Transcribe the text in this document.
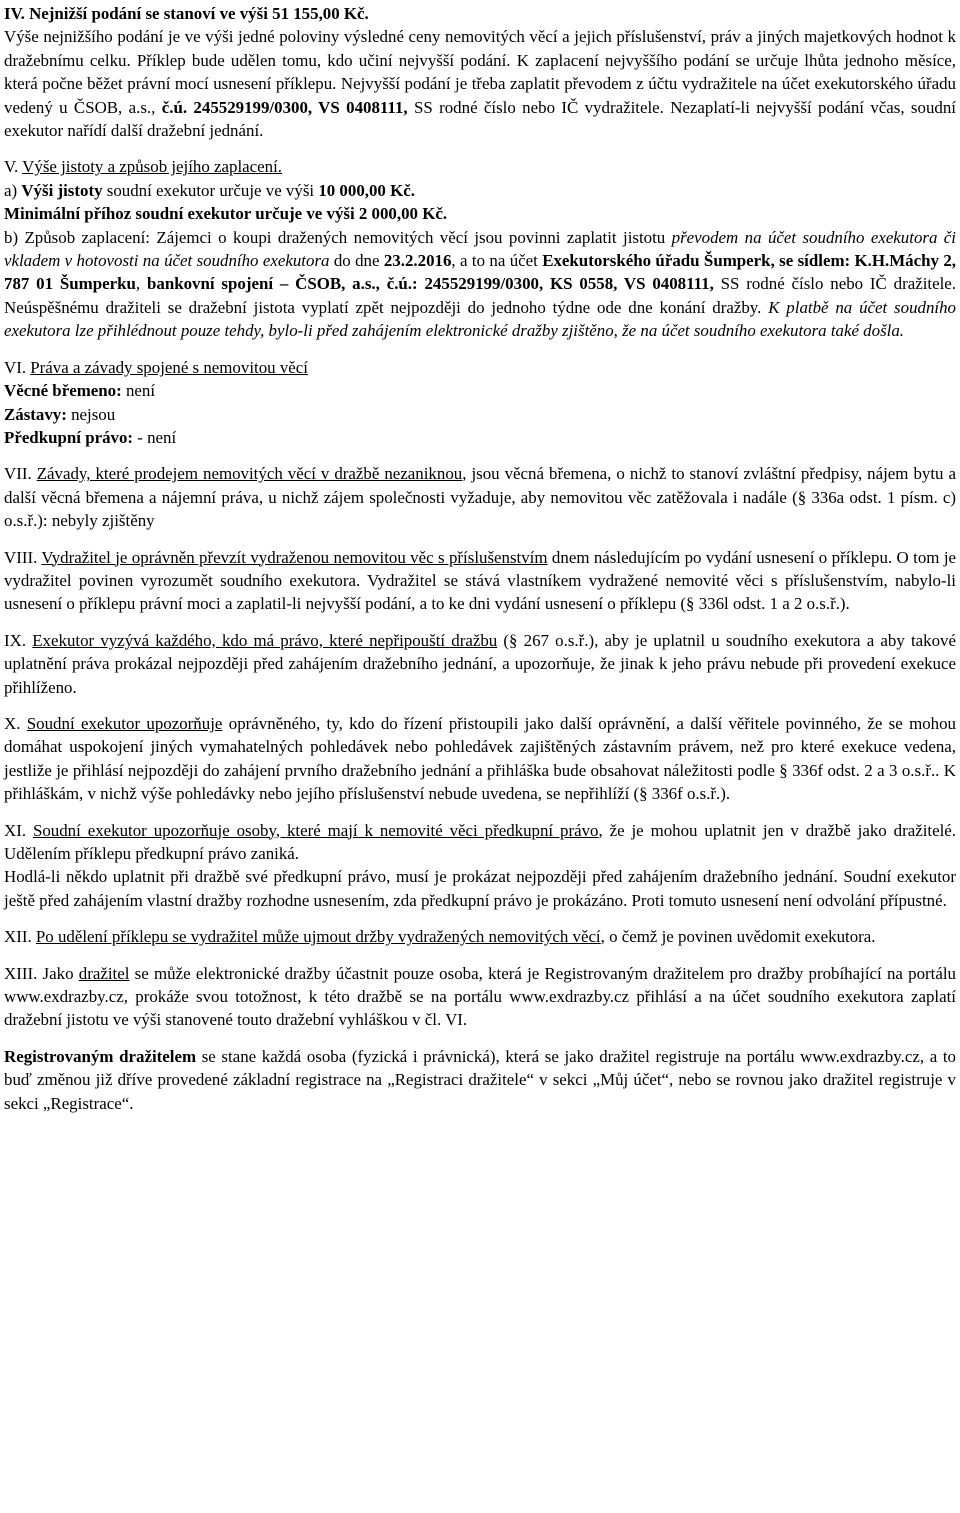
IV. Nejnižší podání se stanoví ve výši 51 155,00 Kč.

Výše nejnižšího podání je ve výši jedné poloviny výsledné ceny nemovitých věcí a jejich příslušenství, práv a jiných majetkových hodnot k dražebnímu celku. Příklep bude udělen tomu, kdo učiní nejvyšší podání. K zaplacení nejvyššího podání se určuje lhůta jednoho měsíce, která počne běžet právní mocí usnesení příklepu. Nejvyšší podání je třeba zaplatit převodem z účtu vydražitele na účet exekutorského úřadu vedený u ČSOB, a.s., č.ú. 245529199/0300, VS 0408111, SS rodné číslo nebo IČ vydražitele. Nezaplatí-li nejvyšší podání včas, soudní exekutor nařídí další dražební jednání.

V. Výše jistoty a způsob jejího zaplacení.

a) Výši jistoty soudní exekutor určuje ve výši 10 000,00 Kč.

Minimální příhoz soudní exekutor určuje ve výši 2 000,00 Kč.

b) Způsob zaplacení: Zájemci o koupi dražených nemovitých věcí jsou povinni zaplatit jistotu převodem na účet soudního exekutora či vkladem v hotovosti na účet soudního exekutora do dne 23.2.2016, a to na účet Exekutorského úřadu Šumperk, se sídlem: K.H.Máchy 2, 787 01 Šumperku, bankovní spojení – ČSOB, a.s., č.ú.: 245529199/0300, KS 0558, VS 0408111, SS rodné číslo nebo IČ dražitele. Neúspěšnému dražiteli se dražební jistota vyplatí zpět nejpozději do jednoho týdne ode dne konání dražby. K platbě na účet soudního exekutora lze přihlédnout pouze tehdy, bylo-li před zahájením elektronické dražby zjištěno, že na účet soudního exekutora také došla.

VI. Práva a závady spojené s nemovitou věcí

Věcné břemeno: není

Zástavy: nejsou

Předkupní právo: - není

VII. Závady, které prodejem nemovitých věcí v dražbě nezaniknou, jsou věcná břemena, o nichž to stanoví zvláštní předpisy, nájem bytu a další věcná břemena a nájemní práva, u nichž zájem společnosti vyžaduje, aby nemovitou věc zatěžovala i nadále (§ 336a odst. 1 písm. c) o.s.ř.): nebyly zjištěny

VIII. Vydražitel je oprávněn převzít vydraženou nemovitou věc s příslušenstvím dnem následujícím po vydání usnesení o příklepu. O tom je vydražitel povinen vyrozumět soudního exekutora. Vydražitel se stává vlastníkem vydražené nemovité věci s příslušenstvím, nabylo-li usnesení o příklepu právní moci a zaplatil-li nejvyšší podání, a to ke dni vydání usnesení o příklepu (§ 336l odst. 1 a 2 o.s.ř.).

IX. Exekutor vyzývá každého, kdo má právo, které nepřipouští dražbu (§ 267 o.s.ř.), aby je uplatnil u soudního exekutora a aby takové uplatnění práva prokázal nejpozději před zahájením dražebního jednání, a upozorňuje, že jinak k jeho právu nebude při provedení exekuce přihlíženo.

X. Soudní exekutor upozorňuje oprávněného, ty, kdo do řízení přistoupili jako další oprávnění, a další věřitele povinného, že se mohou domáhat uspokojení jiných vymahatelných pohledávek nebo pohledávek zajištěných zástavním právem, než pro které exekuce vedena, jestliže je přihlásí nejpozději do zahájení prvního dražebního jednání a přihláška bude obsahovat náležitosti podle § 336f odst. 2 a 3 o.s.ř.. K přihláškám, v nichž výše pohledávky nebo jejího příslušenství nebude uvedena, se nepřihlíží (§ 336f o.s.ř.).

XI. Soudní exekutor upozorňuje osoby, které mají k nemovité věci předkupní právo, že je mohou uplatnit jen v dražbě jako dražitelé. Udělením příklepu předkupní právo zaniká.

Hodlá-li někdo uplatnit při dražbě své předkupní právo, musí je prokázat nejpozději před zahájením dražebního jednání. Soudní exekutor ještě před zahájením vlastní dražby rozhodne usnesením, zda předkupní právo je prokázáno. Proti tomuto usnesení není odvolání přípustné.

XII. Po udělení příklepu se vydražitel může ujmout držby vydražených nemovitých věcí, o čemž je povinen uvědomit exekutora.

XIII. Jako dražitel se může elektronické dražby účastnit pouze osoba, která je Registrovaným dražitelem pro dražby probíhající na portálu www.exdrazby.cz, prokáže svou totožnost, k této dražbě se na portálu www.exdrazby.cz přihlásí a na účet soudního exekutora zaplatí dražební jistotu ve výši stanovené touto dražební vyhláškou v čl. VI.

Registrovaným dražitelem se stane každá osoba (fyzická i právnická), která se jako dražitel registruje na portálu www.exdrazby.cz, a to buď změnou již dříve provedené základní registrace na „Registraci dražitele“ v sekci „Můj účet“, nebo se rovnou jako dražitel registruje v sekci „Registrace“.
